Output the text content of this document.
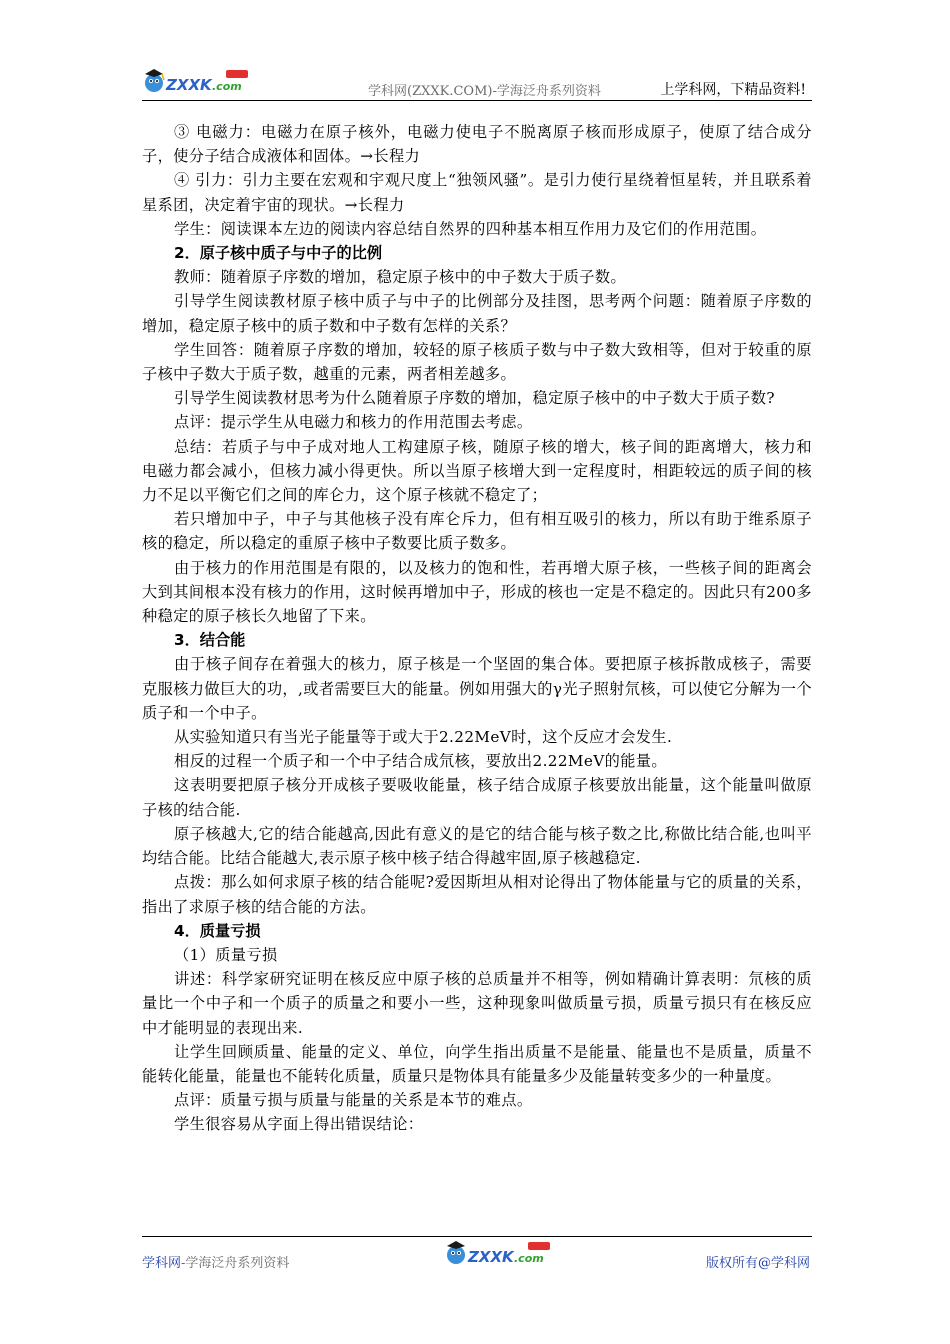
ZXXK .com	学科网(ZXXK.COM)-学海泛舟系列资料	上学科网，下精品资料!

③ 电磁力：电磁力在原子核外，电磁力使电子不脱离原子核而形成原子，使原了结合成分子，使分子结合成液体和固体。→长程力

④ 引力：引力主要在宏观和宇观尺度上“独领风骚”。是引力使行星绕着恒星转，并且联系着星系团，决定着宇宙的现状。→长程力

学生：阅读课本左边的阅读内容总结自然界的四种基本相互作用力及它们的作用范围。

2．原子核中质子与中子的比例

教师：随着原子序数的增加，稳定原子核中的中子数大于质子数。

引导学生阅读教材原子核中质子与中子的比例部分及挂图，思考两个问题：随着原子序数的增加，稳定原子核中的质子数和中子数有怎样的关系？

学生回答：随着原子序数的增加，较轻的原子核质子数与中子数大致相等，但对于较重的原子核中子数大于质子数，越重的元素，两者相差越多。

引导学生阅读教材思考为什么随着原子序数的增加，稳定原子核中的中子数大于质子数?

点评：提示学生从电磁力和核力的作用范围去考虑。

总结：若质子与中子成对地人工构建原子核，随原子核的增大，核子间的距离增大，核力和电磁力都会减小，但核力减小得更快。所以当原子核增大到一定程度时，相距较远的质子间的核力不足以平衡它们之间的库仑力，这个原子核就不稳定了；

若只增加中子，中子与其他核子没有库仑斥力，但有相互吸引的核力，所以有助于维系原子核的稳定，所以稳定的重原子核中子数要比质子数多。

由于核力的作用范围是有限的，以及核力的饱和性，若再增大原子核，一些核子间的距离会大到其间根本没有核力的作用，这时候再增加中子，形成的核也一定是不稳定的。因此只有200多种稳定的原子核长久地留了下来。

3．结合能

由于核子间存在着强大的核力，原子核是一个坚固的集合体。要把原子核拆散成核子，需要克服核力做巨大的功，,或者需要巨大的能量。例如用强大的γ光子照射氘核，可以使它分解为一个质子和一个中子。

从实验知道只有当光子能量等于或大于2.22MeV时，这个反应才会发生.

相反的过程一个质子和一个中子结合成氘核，要放出2.22MeV的能量。

这表明要把原子核分开成核子要吸收能量，核子结合成原子核要放出能量，这个能量叫做原子核的结合能.

原子核越大,它的结合能越高,因此有意义的是它的结合能与核子数之比,称做比结合能,也叫平均结合能。比结合能越大,表示原子核中核子结合得越牢固,原子核越稳定.

点拨：那么如何求原子核的结合能呢?爱因斯坦从相对论得出了物体能量与它的质量的关系，指出了求原子核的结合能的方法。

4．质量亏损

（1）质量亏损

讲述：科学家研究证明在核反应中原子核的总质量并不相等，例如精确计算表明：氘核的质量比一个中子和一个质子的质量之和要小一些，这种现象叫做质量亏损，质量亏损只有在核反应中才能明显的表现出来.

让学生回顾质量、能量的定义、单位，向学生指出质量不是能量、能量也不是质量，质量不能转化能量，能量也不能转化质量，质量只是物体具有能量多少及能量转变多少的一种量度。

点评：质量亏损与质量与能量的关系是本节的难点。

学生很容易从字面上得出错误结论：

学科网-学海泛舟系列资料	ZXXK .com	版权所有@学科网
